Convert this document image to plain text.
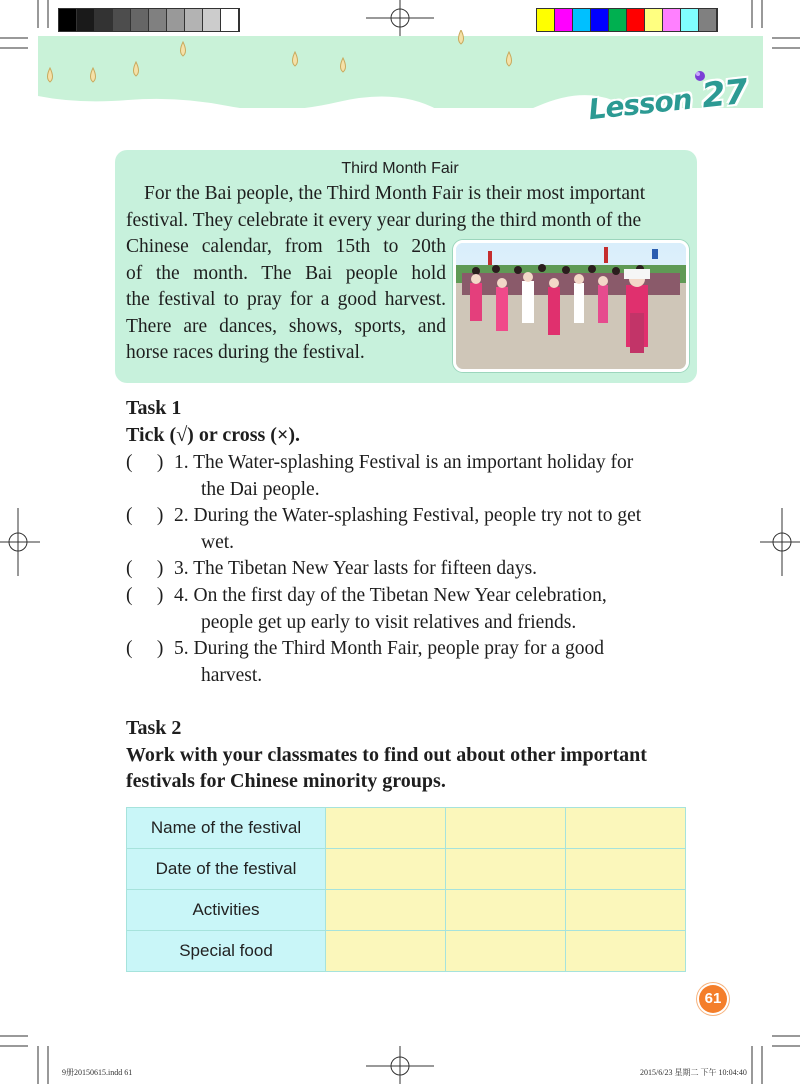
Lesson 27
Third Month Fair
For the Bai people, the Third Month Fair is their most important
festival. They celebrate it every year during the third month of the
Chinese calendar, from 15th to 20th
of the month. The Bai people hold
the festival to pray for a good harvest.
There are dances, shows, sports, and
horse races during the festival.
Task 1
Tick (√) or cross (×).
( ) 1. The Water-splashing Festival is an important holiday for
the Dai people.
( ) 2. During the Water-splashing Festival, people try not to get
wet.
( ) 3. The Tibetan New Year lasts for fifteen days.
( ) 4. On the first day of the Tibetan New Year celebration,
people get up early to visit relatives and friends.
( ) 5. During the Third Month Fair, people pray for a good
harvest.
Task 2
Work with your classmates to find out about other important
festivals for Chinese minority groups.
Name of the festival			
Date of the festival			
Activities			
Special food			
61
9册20150615.indd 61	2015/6/23 星期二 下午 10:04:40
